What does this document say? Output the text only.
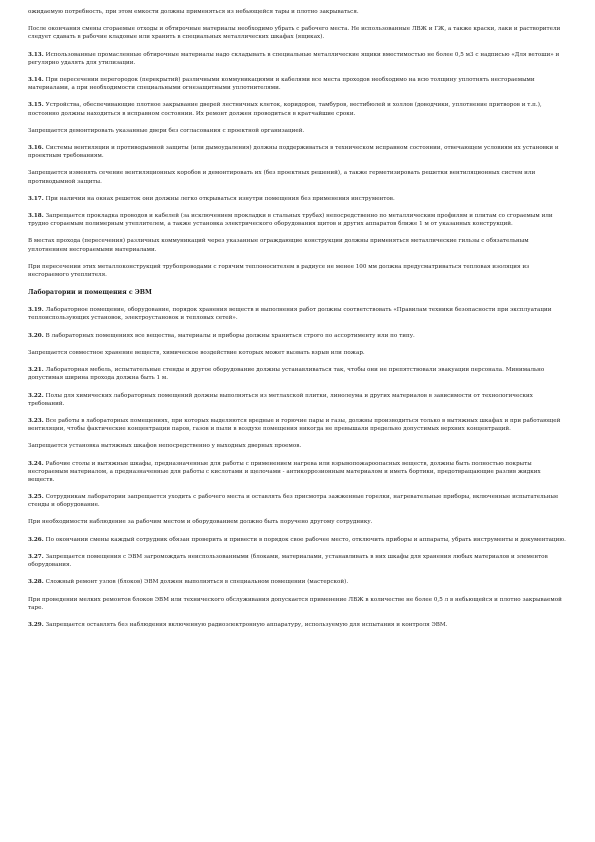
ожидаемую потребность, при этом емкости должны применяться из небьющейся тары и плотно закрываться.

После окончания смены сгораемые отходы и обтирочные материалы необходимо убрать с рабочего места. Не использованные ЛВЖ и ГЖ, а также краски, лаки и растворители следует сдавать в рабочие кладовые или хранить в специальных металлических шкафах (ящиках).

3.13. Использованные промасленные обтирочные материалы надо складывать в специальные металлические ящики вместимостью не более 0,5 м3 с надписью «Для ветоши» и регулярно удалять для утилизации.

3.14. При пересечении перегородок (перекрытий) различными коммуникациями и кабелями все места проходов необходимо на всю толщину уплотнять несгораемыми материалами, а при необходимости специальными огнезащитными уплотнителями.

3.15. Устройства, обеспечивающие плотное закрывание дверей лестничных клеток, коридоров, тамбуров, вестибюлей и холлов (доводчики, уплотнение притворов и т.п.), постоянно должны находиться в исправном состоянии. Их ремонт должен проводиться в кратчайшие сроки.

Запрещается демонтировать указанные двери без согласования с проектной организацией.

3.16. Системы вентиляции и противодымной защиты (или дымоудаления) должны поддерживаться в техническом исправном состоянии, отвечающем условиям их установки и проектным требованиям.

Запрещается изменять сечение вентиляционных коробов и демонтировать их (без проектных решений), а также герметизировать решетки вентиляционных систем или противодымной защиты.

3.17. При наличии на окнах решеток они должны легко открываться изнутри помещения без применения инструментов.

3.18. Запрещается прокладка проводов и кабелей (за исключением прокладки в стальных трубах) непосредственно по металлическим профилям и плитам со сгораемым или трудно сгораемым полимерным утеплителем, а также установка электрического оборудования щитов и других аппаратов ближе 1 м от указанных конструкций.

В местах прохода (пересечения) различных коммуникаций через указанные ограждающие конструкции должны применяться металлические гильзы с обязательным уплотнением несгораемыми материалами.

При пересечении этих металлоконструкций трубопроводами с горячим теплоносителем в радиусе не менее 100 мм должна предусматриваться тепловая изоляция из несгораемого утеплителя.

Лаборатории и помещения с ЭВМ

3.19. Лабораторное помещение, оборудование, порядок хранения веществ и выполнения работ должны соответствовать «Правилам техники безопасности при эксплуатации теплоиспользующих установок, электроустановок и тепловых сетей».

3.20. В лабораторных помещениях все вещества, материалы и приборы должны храниться строго по ассортименту или по типу.

Запрещается совместное хранение веществ, химическое воздействие которых может вызвать взрыв или пожар.

3.21. Лабораторная мебель, испытательные стенды и другое оборудование должны устанавливаться так, чтобы они не препятствовали эвакуации персонала. Минимально допустимая ширина прохода должна быть 1 м.

3.22. Полы для химических лабораторных помещений должны выполняться из метлахской плитки, линолеума и других материалов в зависимости от технологических требований.

3.23. Все работы в лабораторных помещениях, при которых выделяются вредные и горючие пары и газы, должны производиться только в вытяжных шкафах и при работающей вентиляции, чтобы фактические концентрации паров, газов и пыли в воздухе помещения никогда не превышали предельно допустимых верхних концентраций.

Запрещается установка вытяжных шкафов непосредственно у выходных дверных проемов.

3.24. Рабочие столы и вытяжные шкафы, предназначенные для работы с применением нагрева или взрывопожароопасных веществ, должны быть полностью покрыты несгораемым материалом, а предназначенные для работы с кислотами и щелочами - антикоррозионным материалом и иметь бортики, предотвращающие разлив жидких веществ.

3.25. Сотрудникам лаборатории запрещается уходить с рабочего места и оставлять без присмотра зажженные горелки, нагревательные приборы, включенные испытательные стенды и оборудование.

При необходимости наблюдение за рабочим местом и оборудованием должно быть поручено другому сотруднику.

3.26. По окончании смены каждый сотрудник обязан проверить и привести в порядок свое рабочее место, отключить приборы и аппараты, убрать инструменты и документацию.

3.27. Запрещается помещения с ЭВМ загромождать неиспользованными (блоками, материалами, устанавливать в них шкафы для хранения любых материалов и элементов оборудования.

3.28. Сложный ремонт узлов (блоков) ЭВМ должен выполняться в специальном помещении (мастерской).

При проведении мелких ремонтов блоков ЭВМ или технического обслуживания допускается применение ЛВЖ в количестве не более 0,5 л в небьющейся и плотно закрываемой таре.

3.29. Запрещается оставлять без наблюдения включенную радиоэлектронную аппаратуру, используемую для испытания и контроля ЭВМ.
